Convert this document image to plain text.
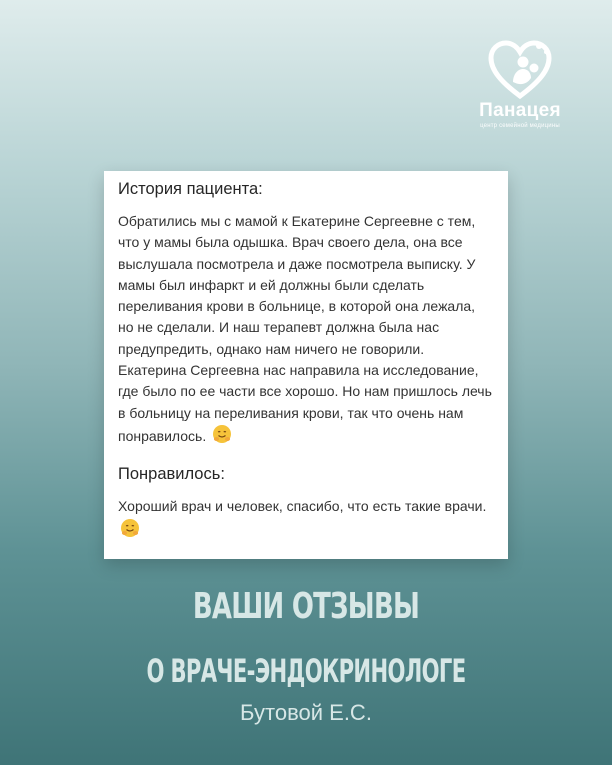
Панацея
центр семейной медицины
История пациента:

Обратились мы с мамой к Екатерине Сергеевне с тем, что у мамы была одышка. Врач своего дела, она все выслушала посмотрела и даже посмотрела выписку. У мамы был инфаркт и ей должны были сделать переливания крови в больнице, в которой она лежала, но не сделали. И наш терапевт должна была нас предупредить, однако нам ничего не говорили. Екатерина Сергеевна нас направила на исследование, где было по ее части все хорошо. Но нам пришлось лечь в больницу на переливания крови, так что очень нам понравилось.

Понравилось:

Хороший врач и человек, спасибо, что есть такие врачи.

ВАШИ ОТЗЫВЫ
О ВРАЧЕ-ЭНДОКРИНОЛОГЕ
Бутовой Е.С.
